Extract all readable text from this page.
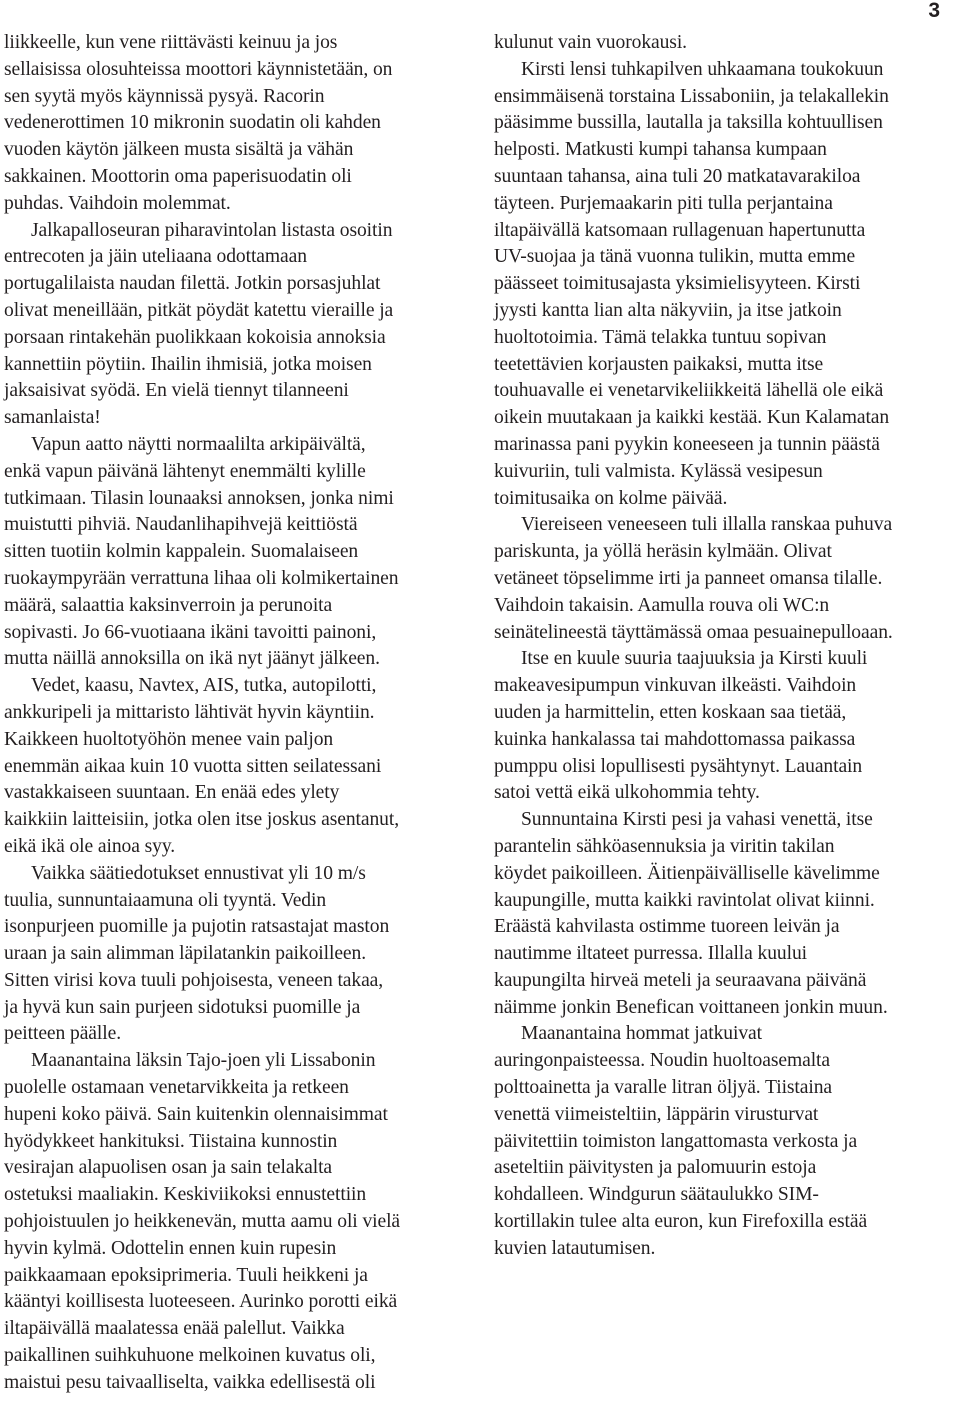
3
liikkeelle, kun vene riittävästi keinuu ja jos
sellaisissa olosuhteissa moottori käynnistetään, on
sen syytä myös käynnissä pysyä. Racorin
vedenerottimen 10 mikronin suodatin oli kahden
vuoden käytön jälkeen musta sisältä ja vähän
sakkainen. Moottorin oma paperisuodatin oli
puhdas. Vaihdoin molemmat.
Jalkapalloseuran piharavintolan listasta osoitin
entrecoten ja jäin uteliaana odottamaan
portugalilaista naudan filettä. Jotkin porsasjuhlat
olivat meneillään, pitkät pöydät katettu vieraille ja
porsaan rintakehän puolikkaan kokoisia annoksia
kannettiin pöytiin. Ihailin ihmisiä, jotka moisen
jaksaisivat syödä. En vielä tiennyt tilanneeni
samanlaista!
Vapun aatto näytti normaalilta arkipäivältä,
enkä vapun päivänä lähtenyt enemmälti kylille
tutkimaan. Tilasin lounaaksi annoksen, jonka nimi
muistutti pihviä. Naudanlihapihvejä keittiöstä
sitten tuotiin kolmin kappalein. Suomalaiseen
ruokaympyrään verrattuna lihaa oli kolmikertainen
määrä, salaattia kaksinverroin ja perunoita
sopivasti. Jo 66-vuotiaana ikäni tavoitti painoni,
mutta näillä annoksilla on ikä nyt jäänyt jälkeen.
Vedet, kaasu, Navtex, AIS, tutka, autopilotti,
ankkuripeli ja mittaristo lähtivät hyvin käyntiin.
Kaikkeen huoltotyöhön menee vain paljon
enemmän aikaa kuin 10 vuotta sitten seilatessani
vastakkaiseen suuntaan. En enää edes ylety
kaikkiin laitteisiin, jotka olen itse joskus asentanut,
eikä ikä ole ainoa syy.
Vaikka säätiedotukset ennustivat yli 10 m/s
tuulia, sunnuntaiaamuna oli tyyntä. Vedin
isonpurjeen puomille ja pujotin ratsastajat maston
uraan ja sain alimman läpilatankin paikoilleen.
Sitten virisi kova tuuli pohjoisesta, veneen takaa,
ja hyvä kun sain purjeen sidotuksi puomille ja
peitteen päälle.
Maanantaina läksin Tajo-joen yli Lissabonin
puolelle ostamaan venetarvikkeita ja retkeen
hupeni koko päivä. Sain kuitenkin olennaisimmat
hyödykkeet hankituksi. Tiistaina kunnostin
vesirajan alapuolisen osan ja sain telakalta
ostetuksi maaliakin. Keskiviikoksi ennustettiin
pohjoistuulen jo heikkenevän, mutta aamu oli vielä
hyvin kylmä. Odottelin ennen kuin rupesin
paikkaamaan epoksiprimeria. Tuuli heikkeni ja
kääntyi koillisesta luoteeseen. Aurinko porotti eikä
iltapäivällä maalatessa enää palellut. Vaikka
paikallinen suihkuhuone melkoinen kuvatus oli,
maistui pesu taivaalliselta, vaikka edellisestä oli
kulunut vain vuorokausi.
Kirsti lensi tuhkapilven uhkaamana toukokuun
ensimmäisenä torstaina Lissaboniin, ja telakallekin
pääsimme bussilla, lautalla ja taksilla kohtuullisen
helposti. Matkusti kumpi tahansa kumpaan
suuntaan tahansa, aina tuli 20 matkatavarakiloa
täyteen. Purjemaakarin piti tulla perjantaina
iltapäivällä katsomaan rullagenuan hapertunutta
UV-suojaa ja tänä vuonna tulikin, mutta emme
päässeet toimitusajasta yksimielisyyteen. Kirsti
jyysti kantta lian alta näkyviin, ja itse jatkoin
huoltotoimia. Tämä telakka tuntuu sopivan
teetettävien korjausten paikaksi, mutta itse
touhuavalle ei venetarvikeliikkeitä lähellä ole eikä
oikein muutakaan ja kaikki kestää. Kun Kalamatan
marinassa pani pyykin koneeseen ja tunnin päästä
kuivuriin, tuli valmista. Kylässä vesipesun
toimitusaika on kolme päivää.
Viereiseen veneeseen tuli illalla ranskaa puhuva
pariskunta, ja yöllä heräsin kylmään. Olivat
vetäneet töpselimme irti ja panneet omansa tilalle.
Vaihdoin takaisin. Aamulla rouva oli WC:n
seinätelineestä täyttämässä omaa pesuainepulloaan.
Itse en kuule suuria taajuuksia ja Kirsti kuuli
makeavesipumpun vinkuvan ilkeästi. Vaihdoin
uuden ja harmittelin, etten koskaan saa tietää,
kuinka hankalassa tai mahdottomassa paikassa
pumppu olisi lopullisesti pysähtynyt. Lauantain
satoi vettä eikä ulkohommia tehty.
Sunnuntaina Kirsti pesi ja vahasi venettä, itse
parantelin sähköasennuksia ja viritin takilan
köydet paikoilleen. Äitienpäivälliselle kävelimme
kaupungille, mutta kaikki ravintolat olivat kiinni.
Eräästä kahvilasta ostimme tuoreen leivän ja
nautimme iltateet purressa. Illalla kuului
kaupungilta hirveä meteli ja seuraavana päivänä
näimme jonkin Benefican voittaneen jonkin muun.
Maanantaina hommat jatkuivat
auringonpaisteessa. Noudin huoltoasemalta
polttoainetta ja varalle litran öljyä. Tiistaina
venettä viimeisteltiin, läppärin virusturvat
päivitettiin toimiston langattomasta verkosta ja
aseteltiin päivitysten ja palomuurin estoja
kohdalleen. Windgurun säätaulukko SIM-
kortillakin tulee alta euron, kun Firefoxilla estää
kuvien latautumisen.
